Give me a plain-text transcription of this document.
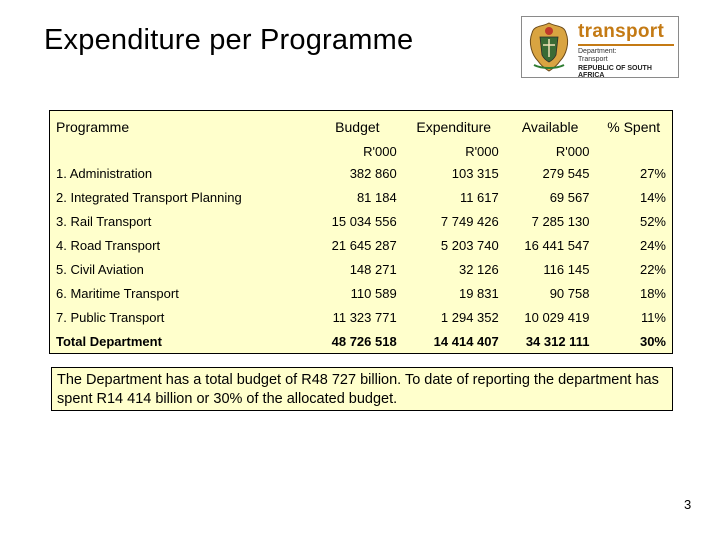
Expenditure per Programme	transport
Department:
Transport
REPUBLIC OF SOUTH AFRICA
Programme	Budget	Expenditure	Available	% Spent
	R'000	R'000	R'000	
1. Administration	382 860	103 315	279 545	27%
2. Integrated Transport Planning	81 184	11 617	69 567	14%
3. Rail Transport	15 034 556	7 749 426	7 285 130	52%
4. Road Transport	21 645 287	5 203 740	16 441 547	24%
5. Civil Aviation	148 271	32 126	116 145	22%
6. Maritime Transport	110 589	19 831	90 758	18%
7. Public Transport	11 323 771	1 294 352	10 029 419	11%
Total Department	48 726 518	14 414 407	34 312 111	30%
The Department has a total budget of R48 727 billion. To date of reporting the department has spent R14 414 billion or 30% of the allocated budget.
3
